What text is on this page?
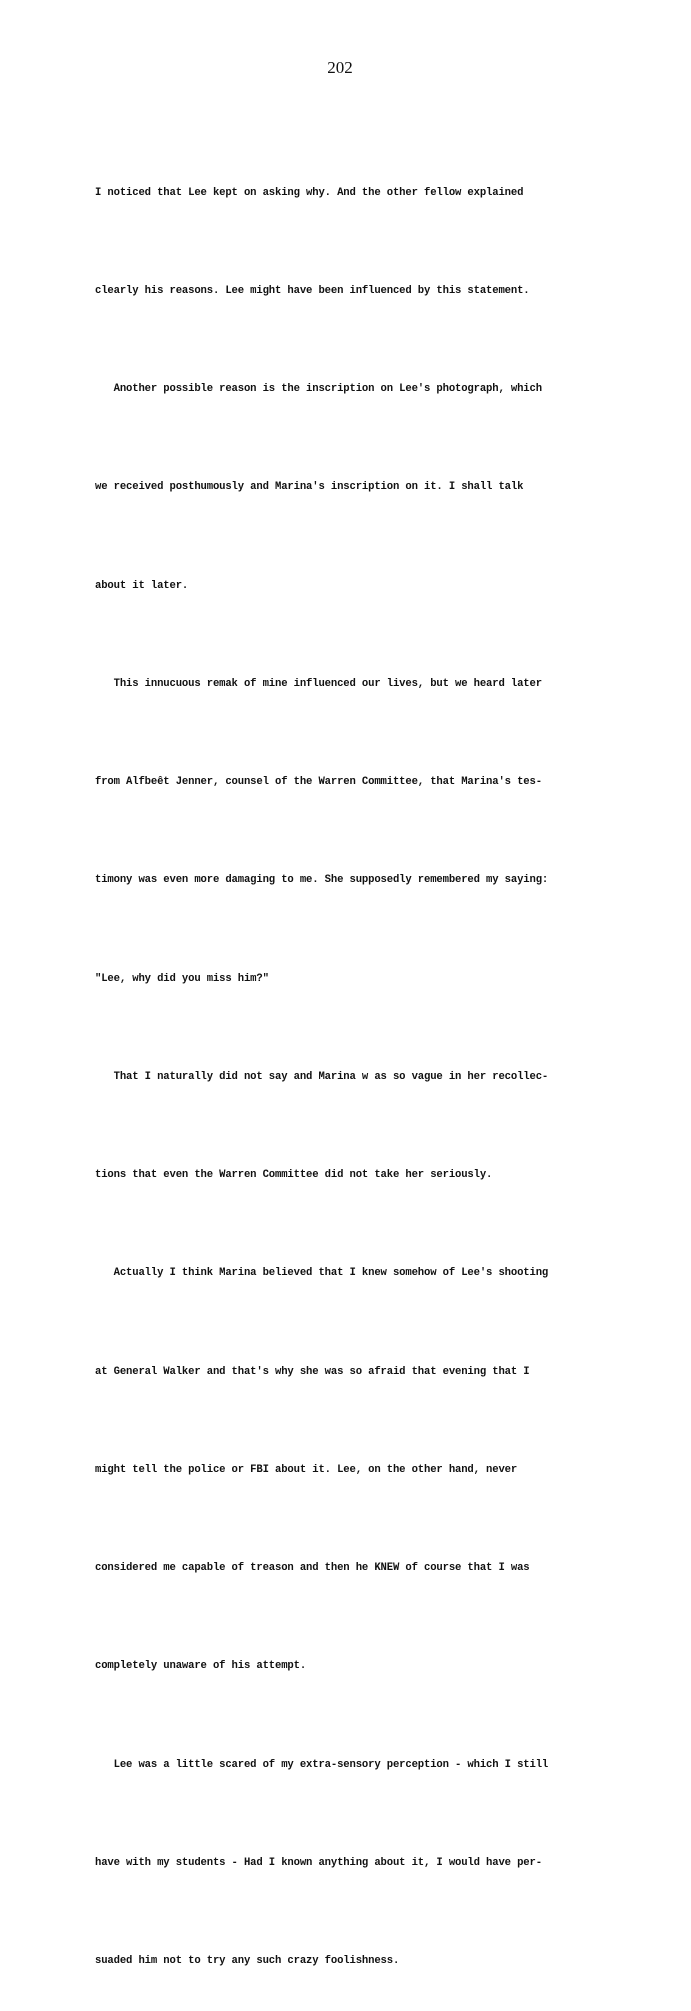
202

I noticed that Lee kept on asking why. And the other fellow explained

clearly his reasons. Lee might have been influenced by this statement.

Another possible reason is the inscription on Lee's photograph, which

we received posthumously and Marina's inscription on it. I shall talk

about it later.

This innucuous remak of mine influenced our lives, but we heard later

from Alfbeêt Jenner, counsel of the Warren Committee, that Marina's tes-

timony was even more damaging to me. She supposedly remembered my saying:

"Lee, why did you miss him?"

That I naturally did not say and Marina w as so vague in her recollec-

tions that even the Warren Committee did not take her seriously.

Actually I think Marina believed that I knew somehow of Lee's shooting

at General Walker and that's why she was so afraid that evening that I

might tell the police or FBI about it. Lee, on the other hand, never

considered me capable of treason and then he KNEW of course that I was

completely unaware of his attempt.

Lee was a little scared of my extra-sensory perception - which I still

have with my students - Had I known anything about it, I would have per-

suaded him not to try any such crazy foolishness.
